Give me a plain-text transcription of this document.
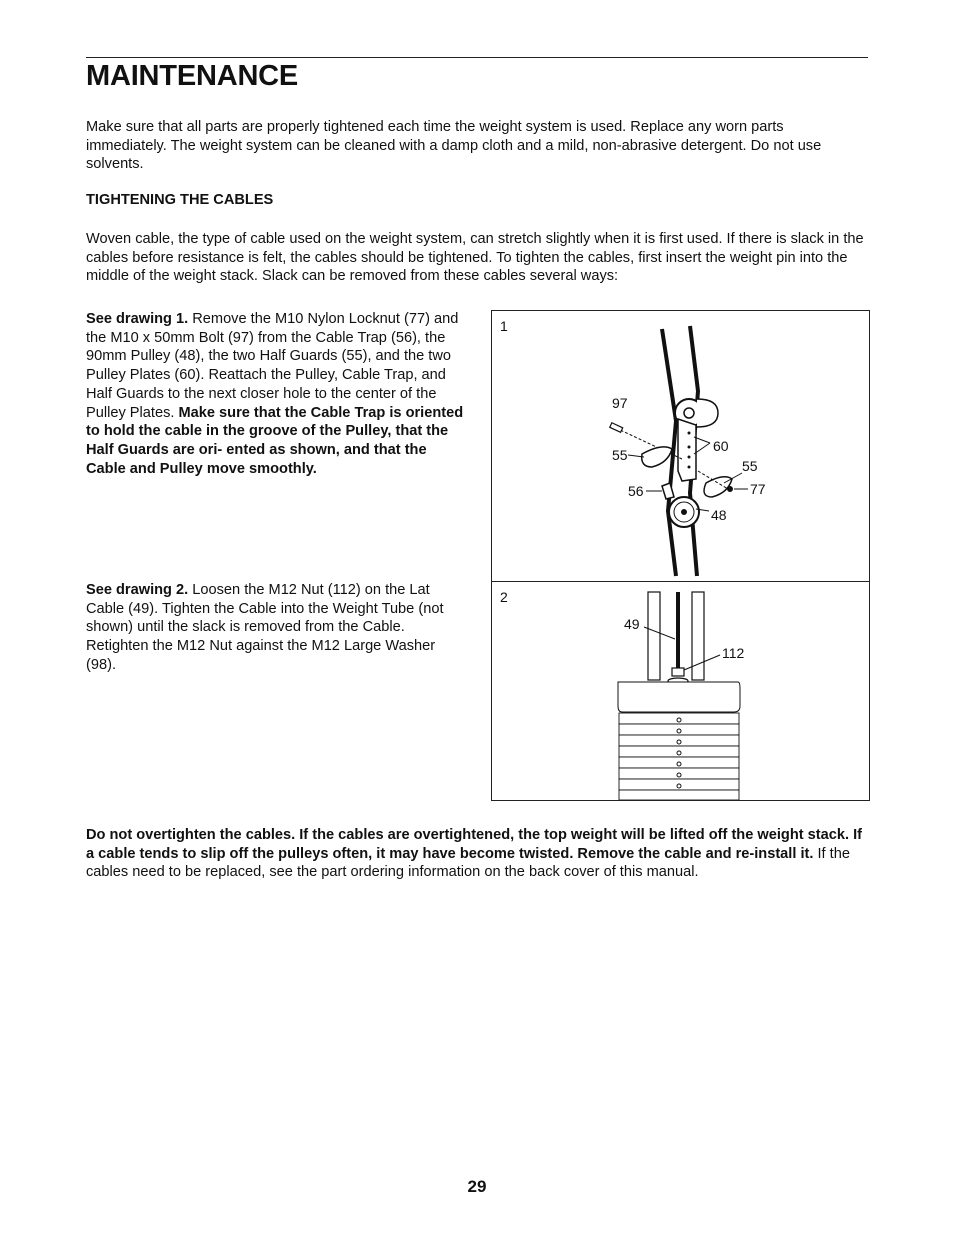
MAINTENANCE

Make sure that all parts are properly tightened each time the weight system is used. Replace any worn parts immediately. The weight system can be cleaned with a damp cloth and a mild, non-abrasive detergent. Do not use solvents.

TIGHTENING THE CABLES

Woven cable, the type of cable used on the weight system, can stretch slightly when it is first used. If there is slack in the cables before resistance is felt, the cables should be tightened. To tighten the cables, first insert the weight pin into the middle of the weight stack. Slack can be removed from these cables several ways:

See drawing 1. Remove the M10 Nylon Locknut (77) and the M10 x 50mm Bolt (97) from the Cable Trap (56), the 90mm Pulley (48), the two Half Guards (55), and the two Pulley Plates (60). Reattach the Pulley, Cable Trap, and Half Guards to the next closer hole to the center of the Pulley Plates. Make sure that the Cable Trap is oriented to hold the cable in the groove of the Pulley, that the Half Guards are ori- ented as shown, and that the Cable and Pulley move smoothly.

See drawing 2. Loosen the M12 Nut (112) on the Lat Cable (49). Tighten the Cable into the Weight Tube (not shown) until the slack is removed from the Cable. Retighten the M12 Nut against the M12 Large Washer (98).

1
97
55
60
55
77
56
48
2
49
112

Do not overtighten the cables. If the cables are overtightened, the top weight will be lifted off the weight stack. If a cable tends to slip off the pulleys often, it may have become twisted. Remove the cable and re-install it. If the cables need to be replaced, see the part ordering information on the back cover of this manual.

29
